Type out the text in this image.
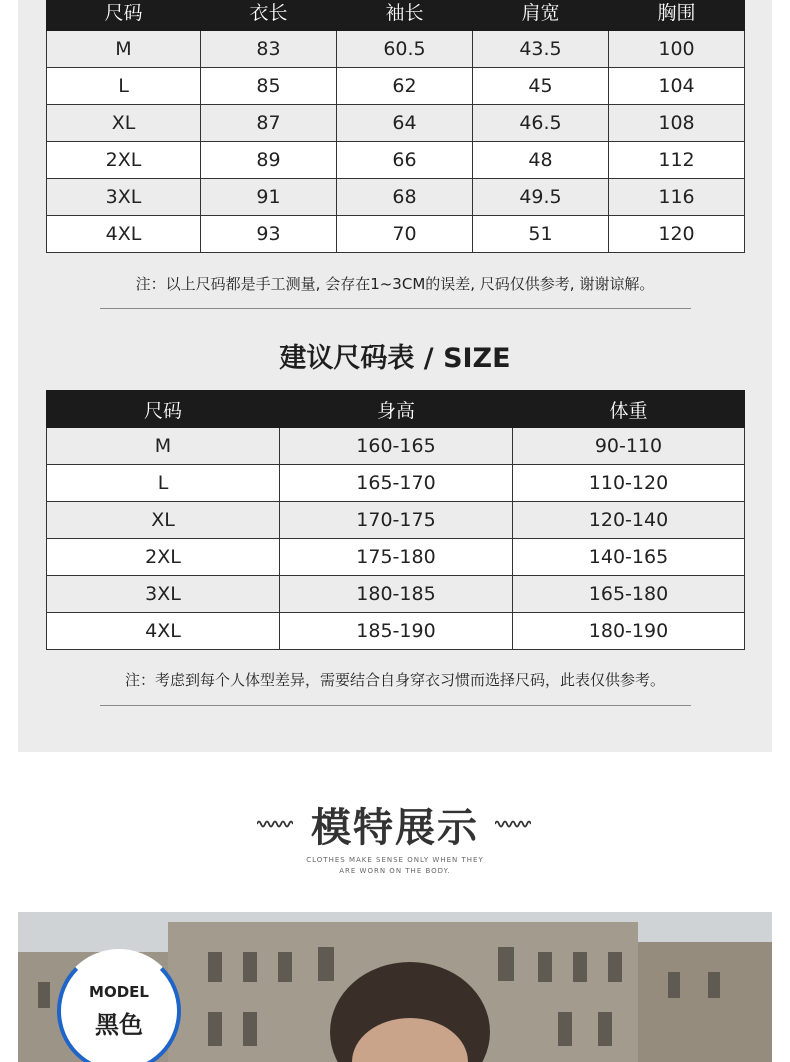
尺码	衣长	袖长	肩宽	胸围
M	83	60.5	43.5	100
L	85	62	45	104
XL	87	64	46.5	108
2XL	89	66	48	112
3XL	91	68	49.5	116
4XL	93	70	51	120
注：以上尺码都是手工测量, 会存在1~3CM的误差, 尺码仅供参考, 谢谢谅解。
建议尺码表 / SIZE
尺码	身高	体重
M	160-165	90-110
L	165-170	110-120
XL	170-175	120-140
2XL	175-180	140-165
3XL	180-185	165-180
4XL	185-190	180-190
注：考虑到每个人体型差异，需要结合自身穿衣习惯而选择尺码，此表仅供参考。
模特展示
CLOTHES MAKE SENSE ONLY WHEN THEY
ARE WORN ON THE BODY.
MODEL
黑色
